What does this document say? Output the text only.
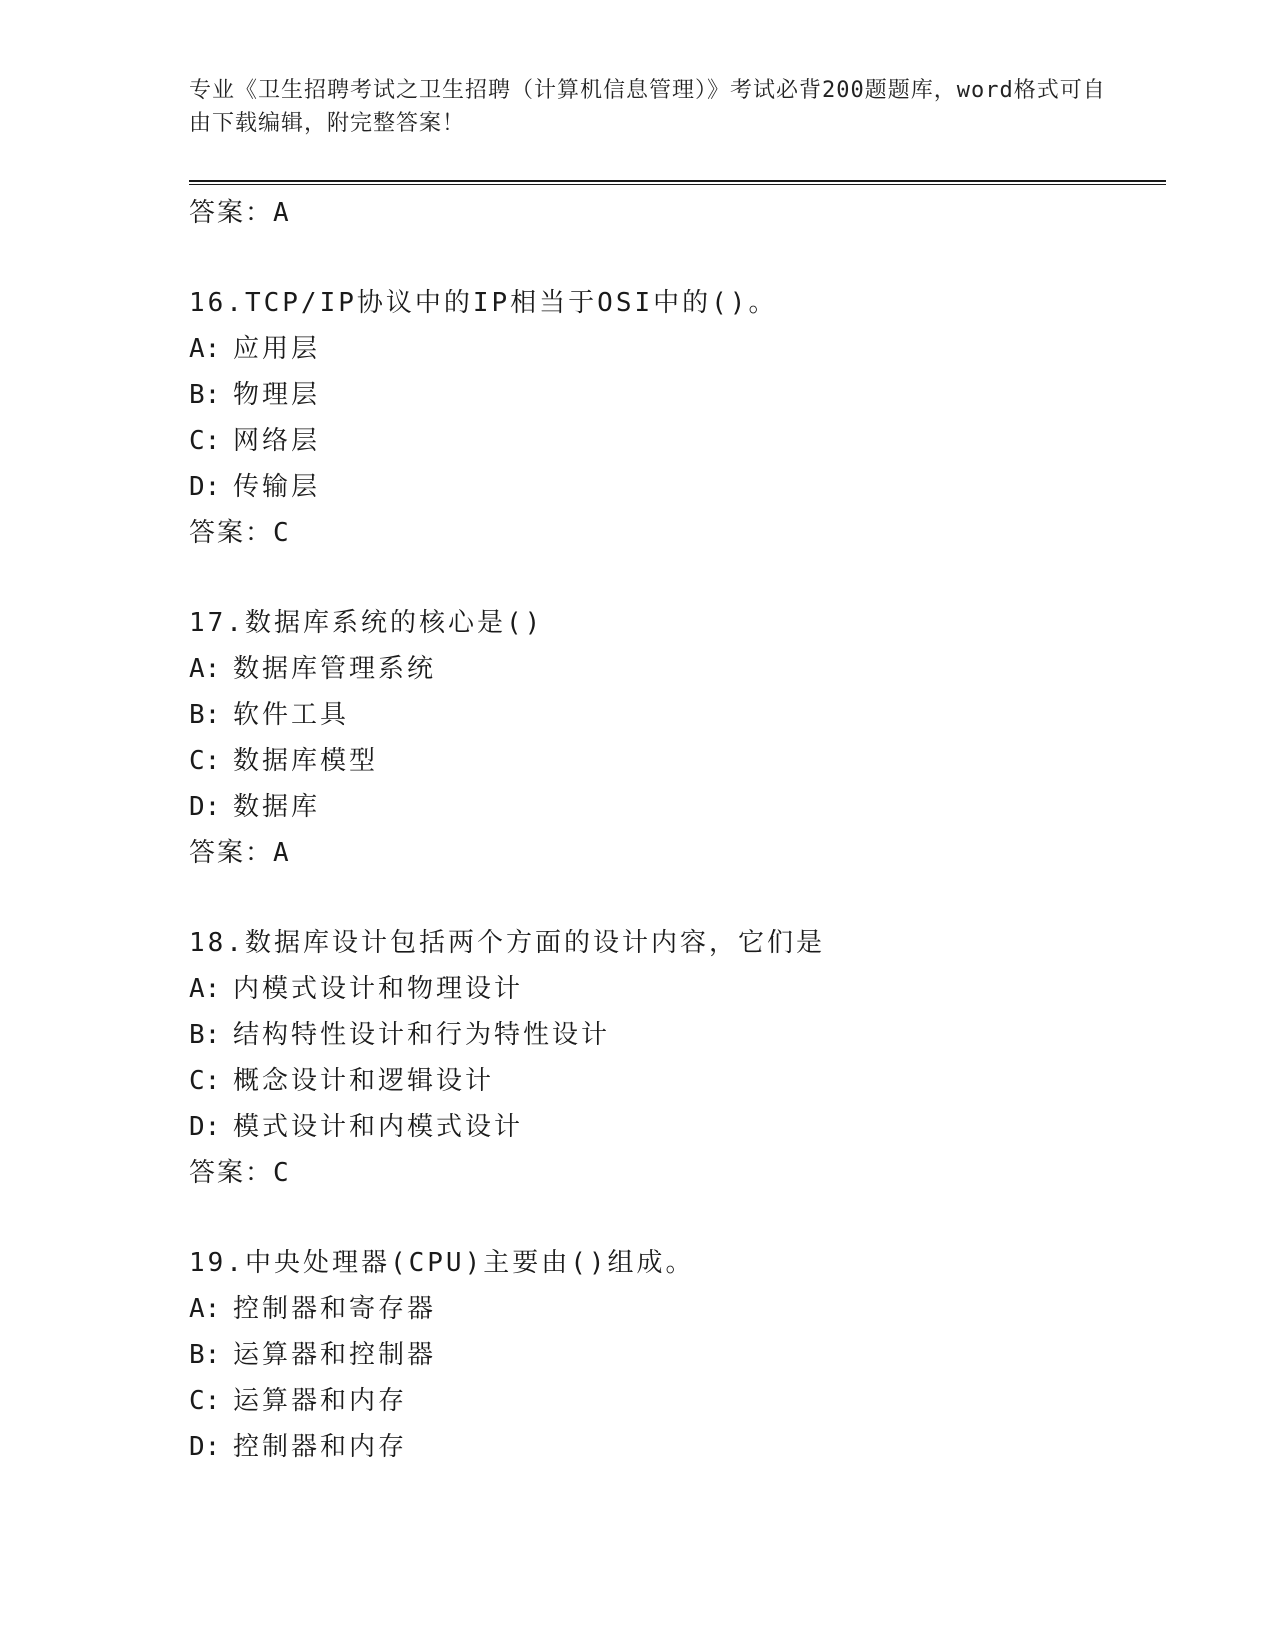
专业《卫生招聘考试之卫生招聘（计算机信息管理）》考试必背200题题库，word格式可自由下载编辑，附完整答案！
答案：A
16.TCP/IP协议中的IP相当于OSI中的()。
A: 应用层
B: 物理层
C: 网络层
D: 传输层
答案：C
17.数据库系统的核心是()
A: 数据库管理系统
B: 软件工具
C: 数据库模型
D: 数据库
答案：A
18.数据库设计包括两个方面的设计内容，它们是
A: 内模式设计和物理设计
B: 结构特性设计和行为特性设计
C: 概念设计和逻辑设计
D: 模式设计和内模式设计
答案：C
19.中央处理器(CPU)主要由()组成。
A: 控制器和寄存器
B: 运算器和控制器
C: 运算器和内存
D: 控制器和内存
